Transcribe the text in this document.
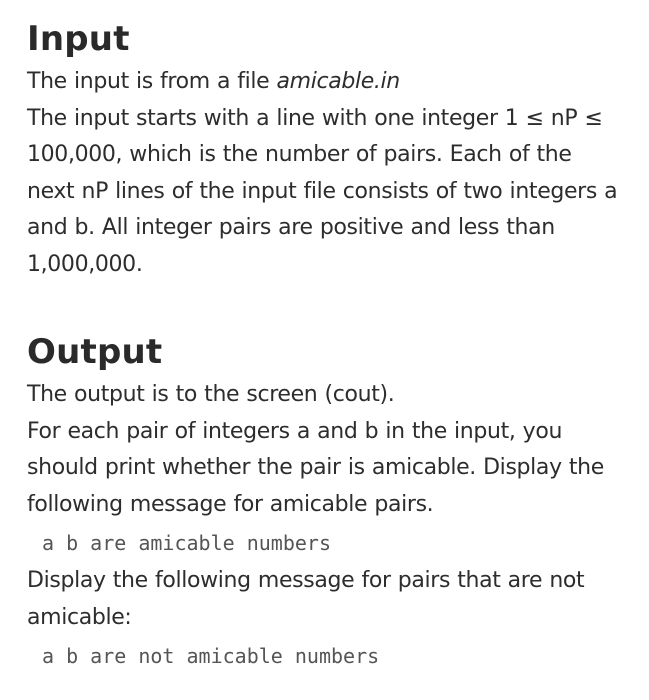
Input

The input is from a file amicable.in

The input starts with a line with one integer 1 ≤ nP ≤ 100,000, which is the number of pairs. Each of the next nP lines of the input file consists of two integers a and b. All integer pairs are positive and less than 1,000,000.

Output

The output is to the screen (cout).

For each pair of integers a and b in the input, you should print whether the pair is amicable. Display the following message for amicable pairs.

a b are amicable numbers

Display the following message for pairs that are not amicable:

a b are not amicable numbers
